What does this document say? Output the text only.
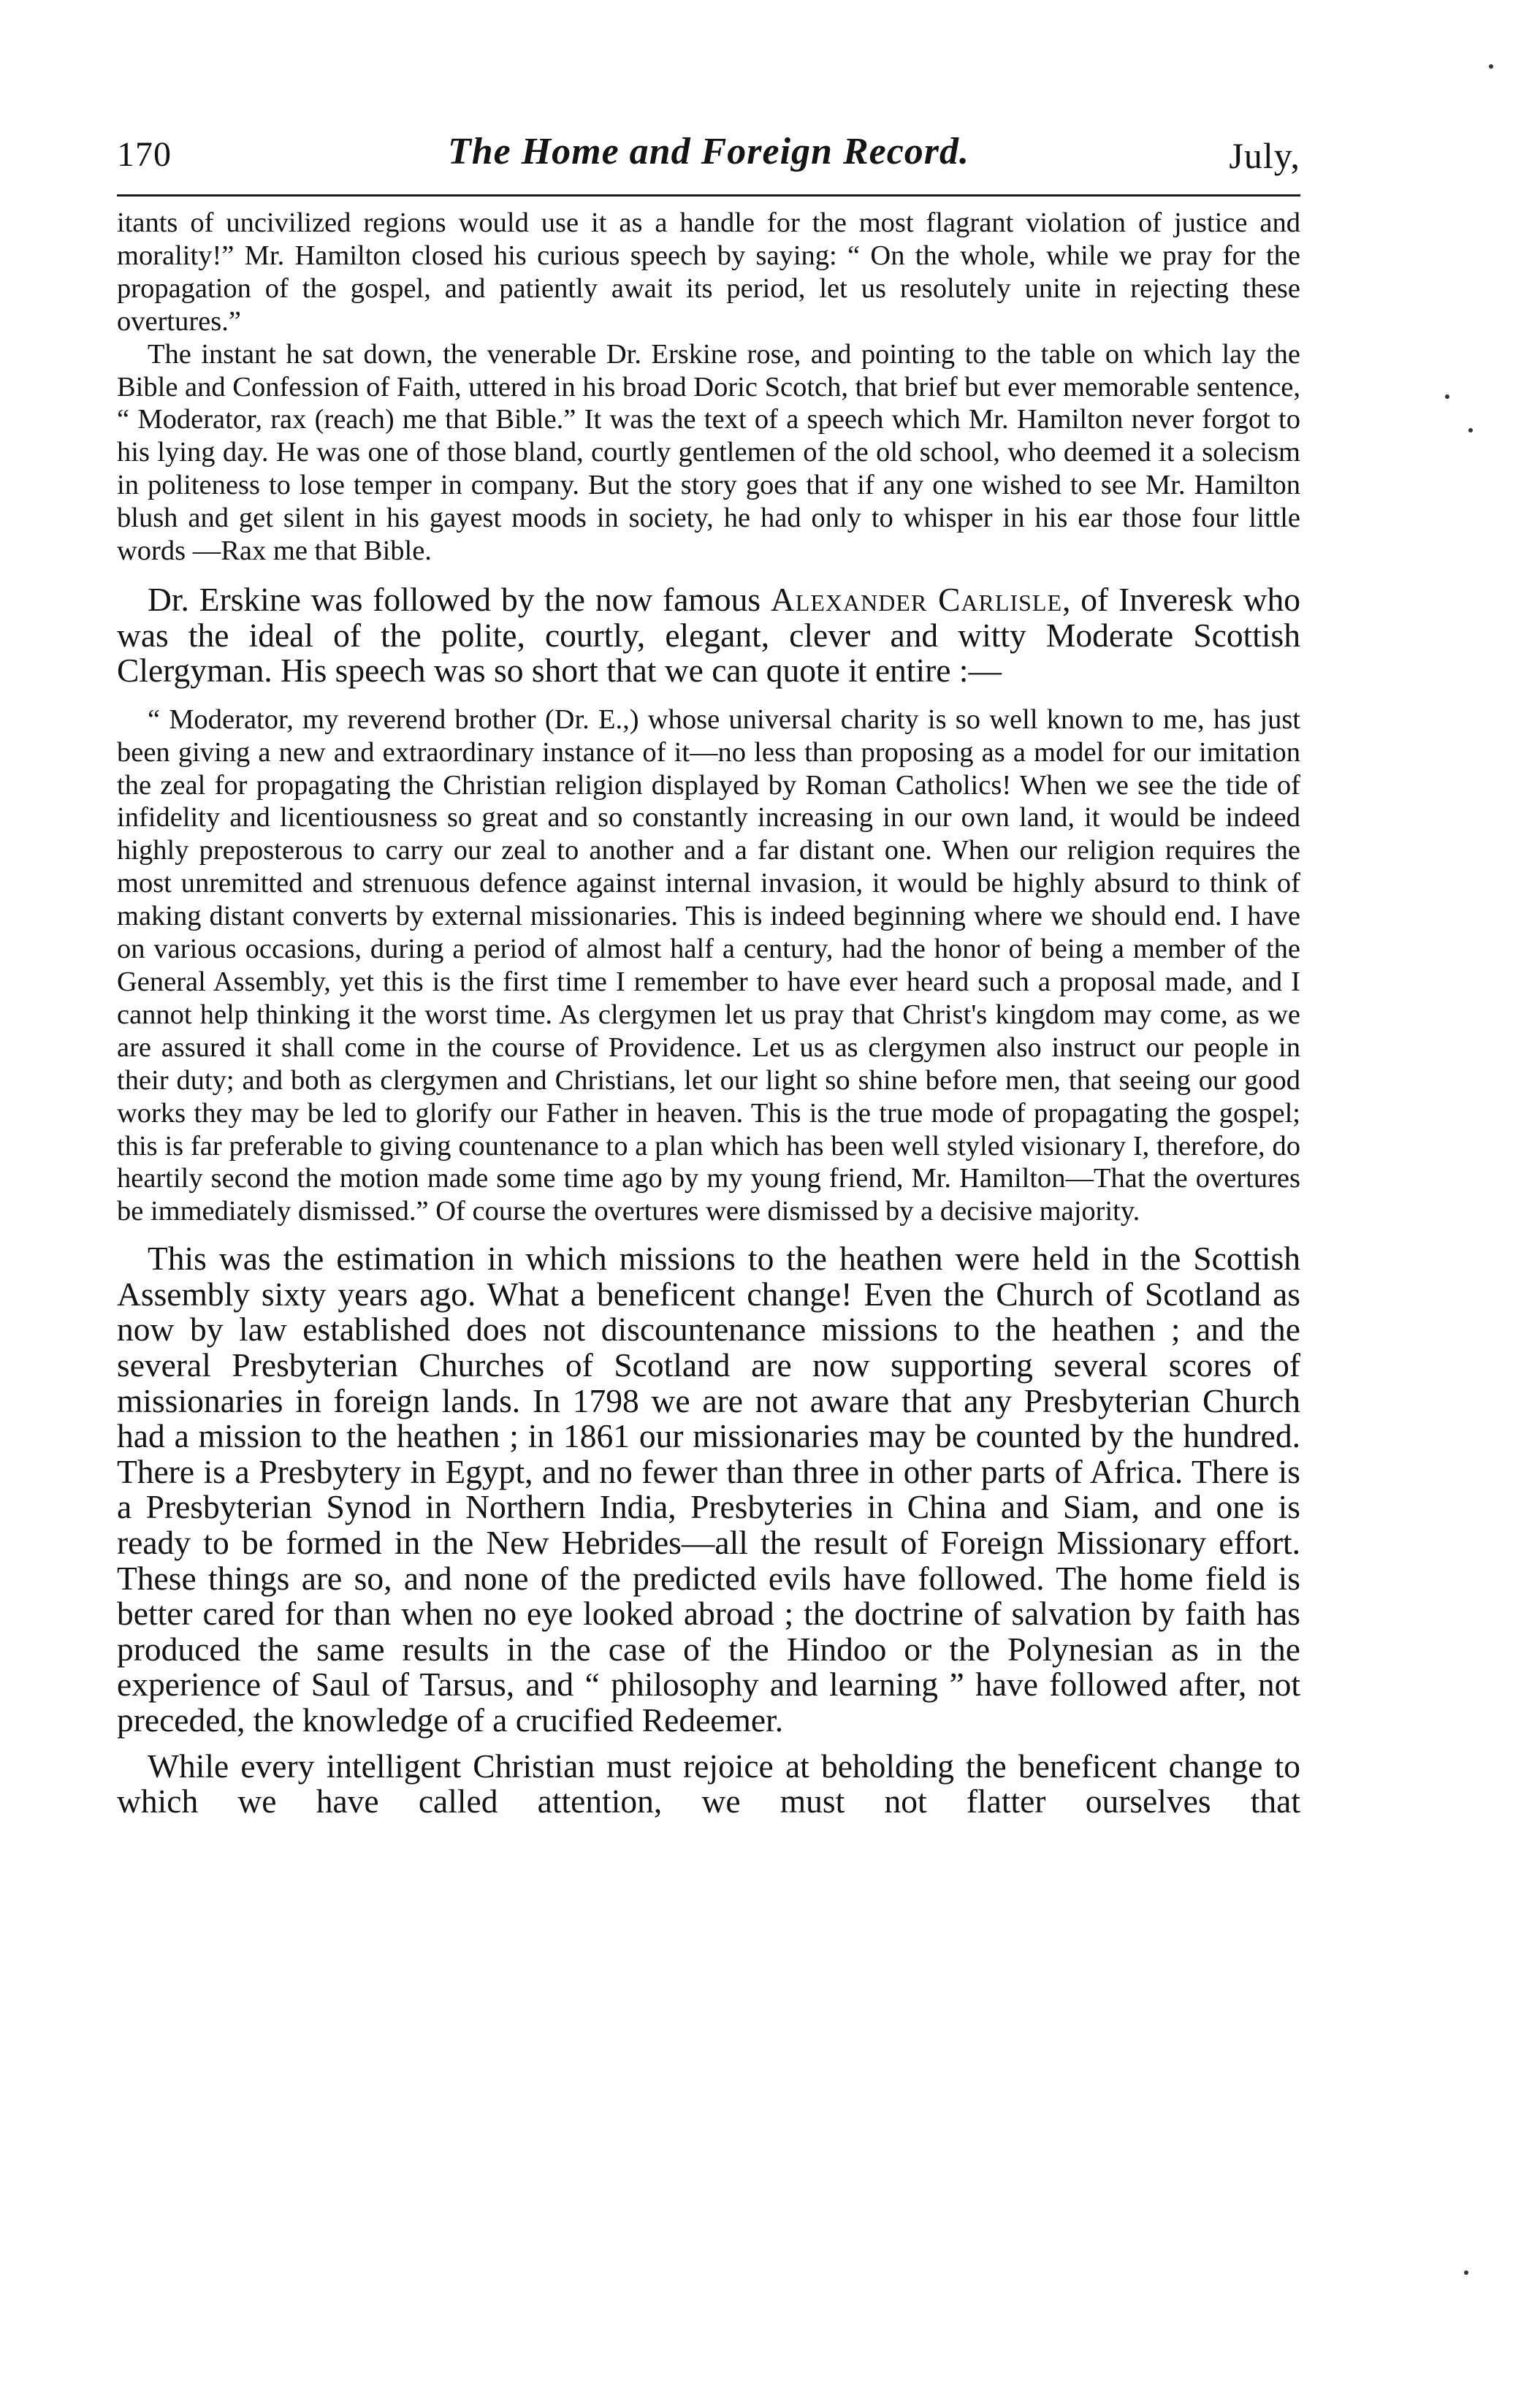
170	The Home and Foreign Record.	July,

itants of uncivilized regions would use it as a handle for the most flagrant violation of justice and morality!” Mr. Hamilton closed his curious speech by saying: “ On the whole, while we pray for the propagation of the gospel, and patiently await its period, let us resolutely unite in rejecting these overtures.”

The instant he sat down, the venerable Dr. Erskine rose, and pointing to the table on which lay the Bible and Confession of Faith, uttered in his broad Doric Scotch, that brief but ever memorable sentence, “ Moderator, rax (reach) me that Bible.” It was the text of a speech which Mr. Hamilton never forgot to his lying day. He was one of those bland, courtly gentlemen of the old school, who deemed it a solecism in politeness to lose temper in company. But the story goes that if any one wished to see Mr. Hamilton blush and get silent in his gayest moods in society, he had only to whisper in his ear those four little words —Rax me that Bible.

Dr. Erskine was followed by the now famous Alexander Carlisle, of Inveresk who was the ideal of the polite, courtly, elegant, clever and witty Moderate Scottish Clergyman. His speech was so short that we can quote it entire :—

“ Moderator, my reverend brother (Dr. E.,) whose universal charity is so well known to me, has just been giving a new and extraordinary instance of it—no less than proposing as a model for our imitation the zeal for propagating the Christian religion displayed by Roman Catholics! When we see the tide of infidelity and licentiousness so great and so constantly increasing in our own land, it would be indeed highly preposterous to carry our zeal to another and a far distant one. When our religion requires the most unremitted and strenuous defence against internal invasion, it would be highly absurd to think of making distant converts by external missionaries. This is indeed beginning where we should end. I have on various occasions, during a period of almost half a century, had the honor of being a member of the General Assembly, yet this is the first time I remember to have ever heard such a proposal made, and I cannot help thinking it the worst time. As clergymen let us pray that Christ's kingdom may come, as we are assured it shall come in the course of Providence. Let us as clergymen also instruct our people in their duty; and both as clergymen and Christians, let our light so shine before men, that seeing our good works they may be led to glorify our Father in heaven. This is the true mode of propagating the gospel; this is far preferable to giving countenance to a plan which has been well styled visionary I, therefore, do heartily second the motion made some time ago by my young friend, Mr. Hamilton—That the overtures be immediately dismissed.” Of course the overtures were dismissed by a decisive majority.

This was the estimation in which missions to the heathen were held in the Scottish Assembly sixty years ago. What a beneficent change! Even the Church of Scotland as now by law established does not discountenance missions to the heathen ; and the several Presbyterian Churches of Scotland are now supporting several scores of missionaries in foreign lands. In 1798 we are not aware that any Presbyterian Church had a mission to the heathen ; in 1861 our missionaries may be counted by the hundred. There is a Presbytery in Egypt, and no fewer than three in other parts of Africa. There is a Presbyterian Synod in Northern India, Presbyteries in China and Siam, and one is ready to be formed in the New Hebrides—all the result of Foreign Missionary effort. These things are so, and none of the predicted evils have followed. The home field is better cared for than when no eye looked abroad ; the doctrine of salvation by faith has produced the same results in the case of the Hindoo or the Polynesian as in the experience of Saul of Tarsus, and “ philosophy and learning ” have followed after, not preceded, the knowledge of a crucified Redeemer.

While every intelligent Christian must rejoice at beholding the beneficent change to which we have called attention, we must not flatter ourselves that
